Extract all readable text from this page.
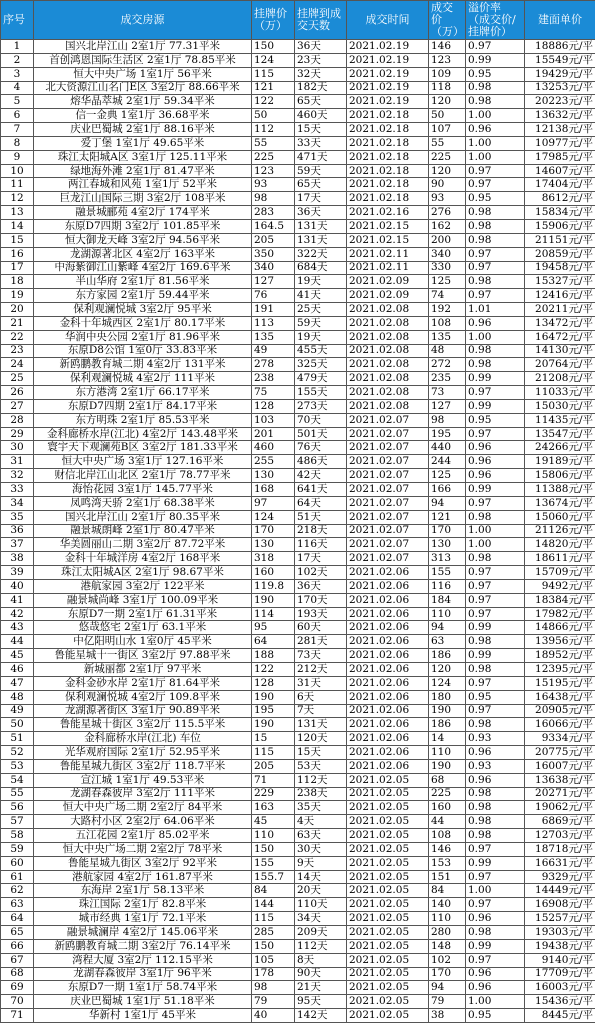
序号	成交房源	挂牌价（万）	挂牌到成交天数	成交时间	成交价（万）	溢价率（成交价/挂牌价）	建面单价
1	国兴北岸江山 2室1厅 77.31平米	150	36天	2021.02.19	146	0.97	18886元/平
2	首创鸿恩国际生活区 2室1厅 78.85平米	124	23天	2021.02.19	123	0.99	15549元/平
3	恒大中央广场 1室1厅 56平米	115	32天	2021.02.19	109	0.95	19429元/平
4	北大资源江山名门E区 3室2厅 88.66平米	121	182天	2021.02.19	118	0.98	13253元/平
5	熔华晶萃城 2室1厅 59.34平米	122	65天	2021.02.19	120	0.98	20223元/平
6	信一金典 1室1厅 36.68平米	50	460天	2021.02.18	50	1.00	13632元/平
7	庆业巴蜀城 2室1厅 88.16平米	112	15天	2021.02.18	107	0.96	12138元/平
8	爱丁堡 1室1厅 49.65平米	55	33天	2021.02.18	55	1.00	10977元/平
9	珠江太阳城A区 3室1厅 125.11平米	225	471天	2021.02.18	225	1.00	17985元/平
10	绿地海外滩 2室1厅 81.47平米	123	59天	2021.02.18	120	0.97	14607元/平
11	两江春城和风苑 1室1厅 52平米	93	65天	2021.02.18	90	0.97	17404元/平
12	巨龙江山国际三期 3室2厅 108平米	98	17天	2021.02.18	93	0.95	8612元/平
13	融景城郦苑 4室2厅 174平米	283	36天	2021.02.16	276	0.98	15834元/平
14	东原D7四期 3室2厅 101.85平米	164.5	131天	2021.02.15	162	0.98	15906元/平
15	恒大御龙天峰 3室2厅 94.56平米	205	131天	2021.02.15	200	0.98	21151元/平
16	龙湖源著北区 4室2厅 163平米	350	322天	2021.02.11	340	0.97	20859元/平
17	中海紫御江山紫峰 4室2厅 169.6平米	340	684天	2021.02.11	330	0.97	19458元/平
18	半山华府 2室1厅 81.56平米	127	19天	2021.02.09	125	0.98	15327元/平
19	东方家园 2室1厅 59.44平米	76	41天	2021.02.09	74	0.97	12416元/平
20	保利观澜悦城 3室2厅 95平米	191	25天	2021.02.08	192	1.01	20211元/平
21	金科十年城西区 2室1厅 80.17平米	113	59天	2021.02.08	108	0.96	13472元/平
22	华润中央公园 2室1厅 81.96平米	135	19天	2021.02.08	135	1.00	16472元/平
23	东原D8公馆 1室0厅 33.83平米	49	455天	2021.02.08	48	0.98	14130元/平
24	新鸥鹏教育城二期 4室2厅 131平米	278	325天	2021.02.08	272	0.98	20764元/平
25	保利观澜悦城 4室2厅 111平米	238	479天	2021.02.08	235	0.99	21208元/平
26	东方港湾 2室1厅 66.17平米	75	155天	2021.02.08	73	0.97	11033元/平
27	东原D7四期 2室1厅 84.17平米	128	273天	2021.02.08	127	0.99	15030元/平
28	东方明珠 2室1厅 85.53平米	103	70天	2021.02.07	98	0.95	11435元/平
29	金科廊桥水岸(江北) 4室2厅 143.48平米	201	501天	2021.02.07	195	0.97	13547元/平
30	寰宇天下观澜苑B区 3室2厅 181.33平米	460	76天	2021.02.07	440	0.96	24266元/平
31	恒大中央广场 3室1厅 127.16平米	255	486天	2021.02.07	244	0.96	19189元/平
32	财信北岸江山北区 2室1厅 78.77平米	130	42天	2021.02.07	125	0.96	15806元/平
33	海怡花园 3室1厅 145.77平米	168	641天	2021.02.07	166	0.99	11388元/平
34	凤鸣湾天骄 2室1厅 68.38平米	97	64天	2021.02.07	94	0.97	13674元/平
35	国兴北岸江山 2室1厅 80.35平米	124	51天	2021.02.07	121	0.98	15060元/平
36	融景城朗峰 2室1厅 80.47平米	170	218天	2021.02.07	170	1.00	21126元/平
37	华美圆丽山二期 3室2厅 87.72平米	130	116天	2021.02.07	130	1.00	14820元/平
38	金科十年城洋房 4室2厅 168平米	318	17天	2021.02.07	313	0.98	18611元/平
39	珠江太阳城A区 2室1厅 98.67平米	160	102天	2021.02.06	155	0.97	15709元/平
40	港航家园 3室2厅 122平米	119.8	36天	2021.02.06	116	0.97	9492元/平
41	融景城尚峰 3室1厅 100.09平米	190	170天	2021.02.06	184	0.97	18384元/平
42	东原D7一期 2室1厅 61.31平米	114	193天	2021.02.06	110	0.97	17982元/平
43	悠哉悠宅 2室1厅 63.1平米	95	60天	2021.02.06	94	0.99	14866元/平
44	中亿阳明山水 1室0厅 45平米	64	281天	2021.02.06	63	0.98	13956元/平
45	鲁能星城十一街区 3室2厅 97.88平米	188	73天	2021.02.06	186	0.99	18952元/平
46	新城丽都 2室1厅 97平米	122	212天	2021.02.06	120	0.98	12395元/平
47	金科金砂水岸 2室1厅 81.64平米	128	31天	2021.02.06	124	0.97	15195元/平
48	保利观澜悦城 4室2厅 109.8平米	190	6天	2021.02.06	180	0.95	16438元/平
49	龙湖源著街区 3室1厅 90.89平米	195	7天	2021.02.06	190	0.97	20905元/平
50	鲁能星城十街区 3室2厅 115.5平米	190	131天	2021.02.06	186	0.98	16066元/平
51	金科廊桥水岸(江北) 车位	15	120天	2021.02.06	14	0.93	9334元/平
52	光华观府国际 2室1厅 52.95平米	115	15天	2021.02.06	110	0.96	20775元/平
53	鲁能星城九街区 3室2厅 118.7平米	205	53天	2021.02.06	190	0.93	16007元/平
54	宣江城 1室1厅 49.53平米	71	112天	2021.02.05	68	0.96	13638元/平
55	龙湖春森彼岸 3室2厅 111平米	229	238天	2021.02.05	225	0.98	20271元/平
56	恒大中央广场二期 2室2厅 84平米	163	35天	2021.02.05	160	0.98	19062元/平
57	大路村小区 2室2厅 64.06平米	45	4天	2021.02.05	44	0.98	6869元/平
58	五江花园 2室1厅 85.02平米	110	63天	2021.02.05	108	0.98	12703元/平
59	恒大中央广场二期 2室2厅 78平米	150	30天	2021.02.05	146	0.97	18718元/平
60	鲁能星城九街区 3室2厅 92平米	155	9天	2021.02.05	153	0.99	16631元/平
61	港航家园 4室2厅 161.87平米	155.7	14天	2021.02.05	151	0.97	9329元/平
62	东海岸 2室1厅 58.13平米	84	20天	2021.02.05	84	1.00	14449元/平
63	珠江国际 2室1厅 82.8平米	144	110天	2021.02.05	140	0.97	16908元/平
64	城市经典 1室1厅 72.1平米	115	34天	2021.02.05	110	0.96	15257元/平
65	融景城澜岸 4室2厅 145.06平米	285	209天	2021.02.05	280	0.98	19303元/平
66	新鸥鹏教育城二期 3室2厅 76.14平米	150	112天	2021.02.05	148	0.99	19438元/平
67	湾程大厦 3室2厅 112.15平米	105	8天	2021.02.05	102	0.97	9140元/平
68	龙湖春森彼岸 3室1厅 96平米	178	90天	2021.02.05	170	0.96	17709元/平
69	东原D7一期 1室1厅 58.74平米	98	21天	2021.02.05	94	0.96	16003元/平
70	庆业巴蜀城 1室1厅 51.18平米	79	95天	2021.02.05	79	1.00	15436元/平
71	华新村 1室1厅 45平米	40	142天	2021.02.05	38	0.95	8445元/平
